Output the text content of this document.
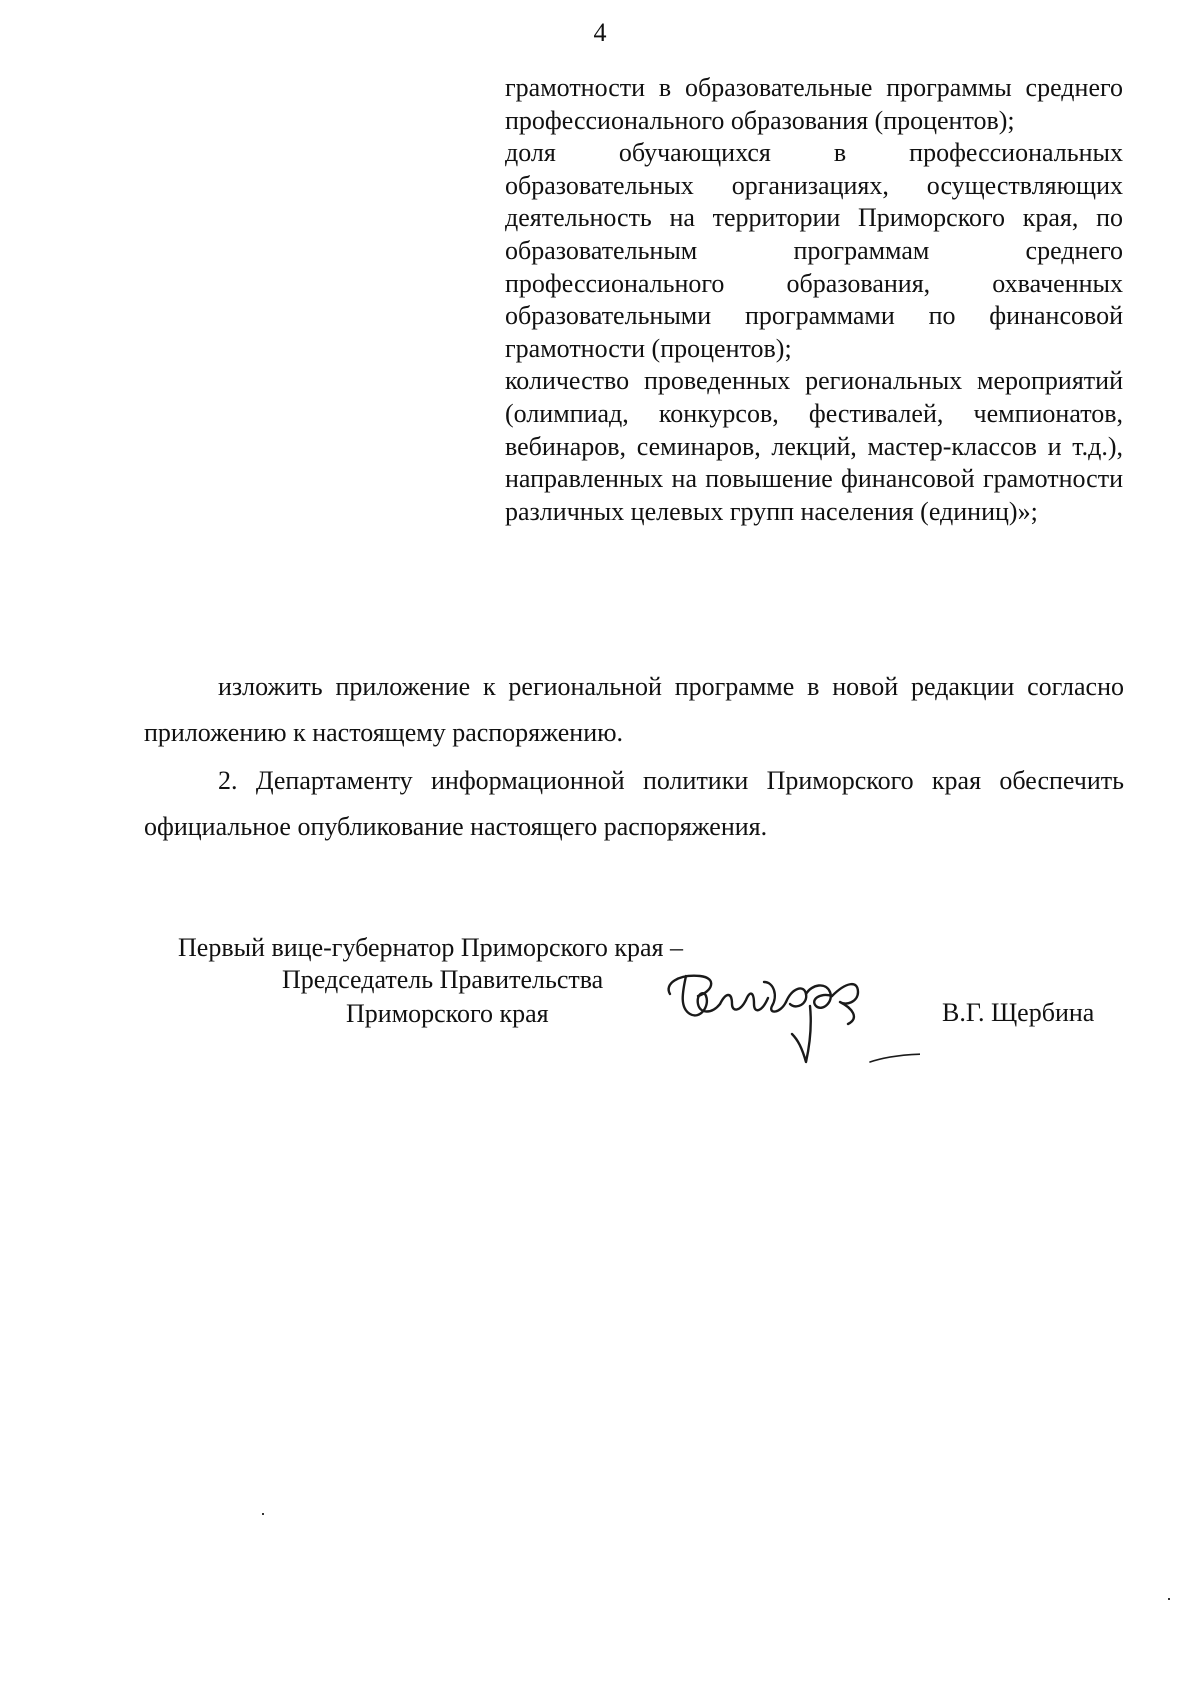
4

грамотности в образовательные программы среднего профессионального образования (процентов);

доля обучающихся в профессиональных образовательных организациях, осуществляющих деятельность на территории Приморского края, по образовательным программам среднего профессионального образования, охваченных образовательными программами по финансовой грамотности (процентов);

количество проведенных региональных мероприятий (олимпиад, конкурсов, фестивалей, чемпионатов, вебинаров, семинаров, лекций, мастер-классов и т.д.), направленных на повышение финансовой грамотности различных целевых групп населения (единиц)»;

изложить приложение к региональной программе в новой редакции согласно приложению к настоящему распоряжению.

2. Департаменту информационной политики Приморского края обеспечить официальное опубликование настоящего распоряжения.

Первый вице-губернатор Приморского края –
Председатель Правительства
Приморского края	В.Г. Щербина
